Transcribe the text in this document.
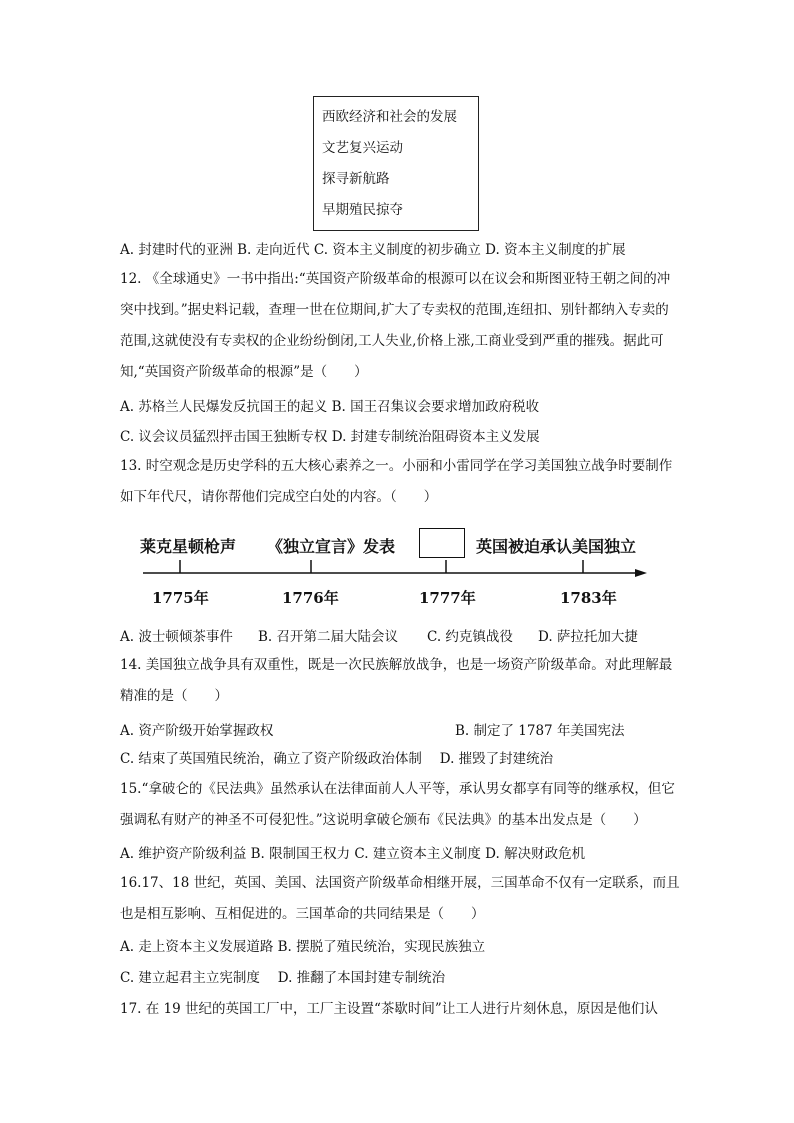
西欧经济和社会的发展
文艺复兴运动
探寻新航路
早期殖民掠夺
A. 封建时代的亚洲 B. 走向近代 C. 资本主义制度的初步确立 D. 资本主义制度的扩展
12. 《全球通史》一书中指出:“英国资产阶级革命的根源可以在议会和斯图亚特王朝之间的冲突中找到。”据史料记载，查理一世在位期间,扩大了专卖权的范围,连纽扣、别针都纳入专卖的范围,这就使没有专卖权的企业纷纷倒闭,工人失业,价格上涨,工商业受到严重的摧残。据此可知,“英国资产阶级革命的根源”是（　　）
A. 苏格兰人民爆发反抗国王的起义 B. 国王召集议会要求增加政府税收
C. 议会议员猛烈抨击国王独断专权 D. 封建专制统治阻碍资本主义发展
13. 时空观念是历史学科的五大核心素养之一。小丽和小雷同学在学习美国独立战争时要制作如下年代尺，请你帮他们完成空白处的内容。（　　）
莱克星顿枪声 《独立宣言》发表	英国被迫承认美国独立
1775年	1776年	1777年	1783年
A. 波士顿倾茶事件 B. 召开第二届大陆会议 C. 约克镇战役 D. 萨拉托加大捷
14. 美国独立战争具有双重性，既是一次民族解放战争，也是一场资产阶级革命。对此理解最精准的是（　　）
A. 资产阶级开始掌握政权	B. 制定了 1787 年美国宪法
C. 结束了英国殖民统治，确立了资产阶级政治体制　 D. 摧毁了封建统治
15.“拿破仑的《民法典》虽然承认在法律面前人人平等，承认男女都享有同等的继承权，但它强调私有财产的神圣不可侵犯性。”这说明拿破仑颁布《民法典》的基本出发点是（　　）
A. 维护资产阶级利益 B. 限制国王权力 C. 建立资本主义制度 D. 解决财政危机
16.17、18 世纪，英国、美国、法国资产阶级革命相继开展，三国革命不仅有一定联系，而且也是相互影响、互相促进的。三国革命的共同结果是（　　）
A. 走上资本主义发展道路 B. 摆脱了殖民统治，实现民族独立
C. 建立起君主立宪制度　 D. 推翻了本国封建专制统治
17. 在 19 世纪的英国工厂中，工厂主设置“茶歇时间”让工人进行片刻休息，原因是他们认
